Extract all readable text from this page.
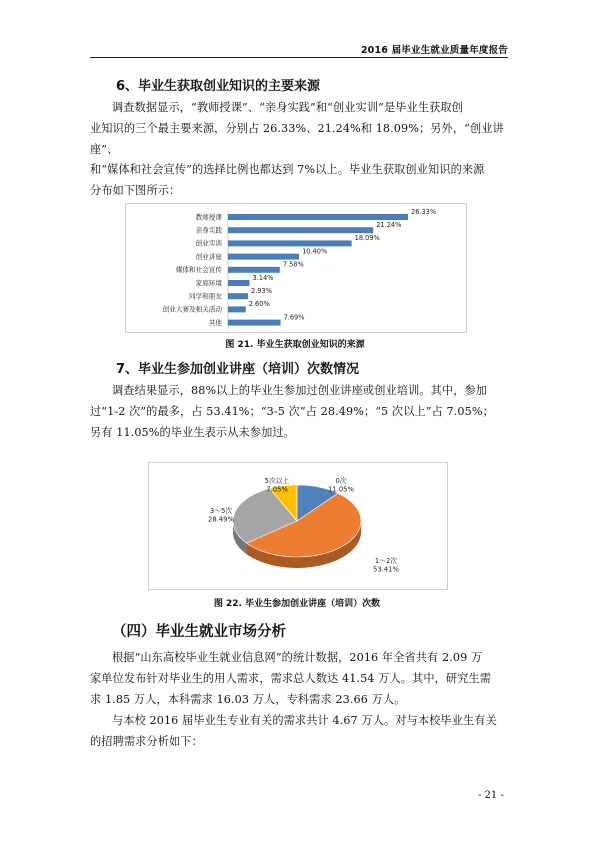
2016 届毕业生就业质量年度报告
6、毕业生获取创业知识的主要来源

调查数据显示，“教师授课”、“亲身实践”和“创业实训”是毕业生获取创

业知识的三个最主要来源，分别占 26.33%、21.24%和 18.09%；另外，“创业讲座”、

和“媒体和社会宣传”的选择比例也都达到 7%以上。毕业生获取创业知识的来源

分布如下图所示：

教师授课
26.33%
亲身实践
21.24%
创业实训
18.09%
创业讲座
10.40%
媒体和社会宣传
7.58%
家庭环境
3.14%
同学和朋友
2.93%
创业大赛及相关活动
2.60%
其他
7.69%
图 21. 毕业生获取创业知识的来源
7、毕业生参加创业讲座（培训）次数情况

调查结果显示，88%以上的毕业生参加过创业讲座或创业培训。其中，参加

过“1-2 次”的最多，占 53.41%；“3-5 次”占 28.49%；“5 次以上”占 7.05%；

另有 11.05%的毕业生表示从未参加过。

0次
11.05%
1～2次
53.41%
3～5次
28.49%
5次以上
7.05%
图 22. 毕业生参加创业讲座（培训）次数
（四）毕业生就业市场分析

根据“山东高校毕业生就业信息网”的统计数据，2016 年全省共有 2.09 万

家单位发布针对毕业生的用人需求，需求总人数达 41.54 万人。其中，研究生需

求 1.85 万人，本科需求 16.03 万人，专科需求 23.66 万人。

与本校 2016 届毕业生专业有关的需求共计 4.67 万人。对与本校毕业生有关

的招聘需求分析如下：

- 21 -
